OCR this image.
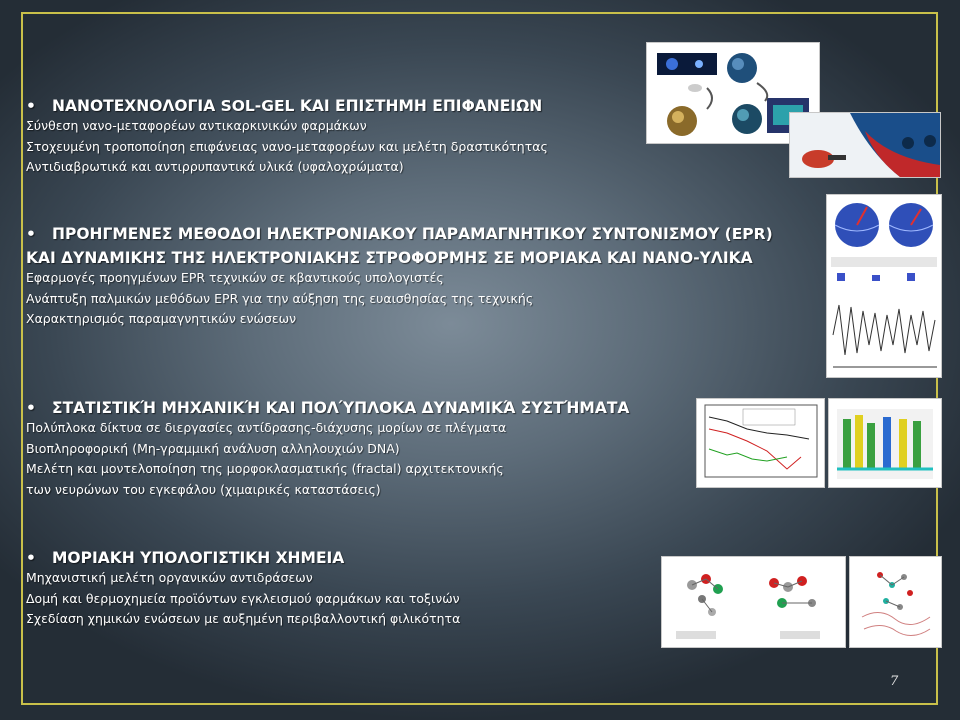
• ΝΑΝΟΤΕΧΝΟΛΟΓΙΑ SOL-GEL ΚΑΙ ΕΠΙΣΤΗΜΗ ΕΠΙΦΑΝΕΙΩΝ
Σύνθεση νανο-μεταφορέων αντικαρκινικών φαρμάκων
Στοχευμένη τροποποίηση επιφάνειας νανο-μεταφορέων και μελέτη δραστικότητας
Αντιδιαβρωτικά και αντιρρυπαντικά υλικά (υφαλοχρώματα)
• ΠΡΟΗΓΜΕΝΕΣ ΜΕΘΟΔΟΙ ΗΛΕΚΤΡΟΝΙΑΚΟΥ ΠΑΡΑΜΑΓΝΗΤΙΚΟΥ ΣΥΝΤΟΝΙΣΜΟΥ (EPR)
ΚΑΙ ΔΥΝΑΜΙΚΗΣ ΤΗΣ ΗΛΕΚΤΡΟΝΙΑΚΗΣ ΣΤΡΟΦΟΡΜΗΣ ΣΕ ΜΟΡΙΑΚΑ ΚΑΙ ΝΑΝΟ-ΥΛΙΚΑ
Εφαρμογές προηγμένων EPR τεχνικών σε κβαντικούς υπολογιστές
Ανάπτυξη παλμικών μεθόδων EPR για την αύξηση της ευαισθησίας της τεχνικής
Χαρακτηρισμός παραμαγνητικών ενώσεων
• ΣΤΑΤΙΣΤΙΚΉ ΜΗΧΑΝΙΚΉ ΚΑΙ ΠΟΛΎΠΛΟΚΑ ΔΥΝΑΜΙΚΆ ΣΥΣΤΉΜΑΤΑ
Πολύπλοκα δίκτυα σε διεργασίες αντίδρασης-διάχυσης μορίων σε πλέγματα
Βιοπληροφορική (Μη-γραμμική ανάλυση αλληλουχιών DNA)
Μελέτη και μοντελοποίηση της μορφοκλασματικής (fractal) αρχιτεκτονικής
των νευρώνων του εγκεφάλου (χιμαιρικές καταστάσεις)
• ΜΟΡΙΑΚΗ ΥΠΟΛΟΓΙΣΤΙΚΗ ΧΗΜΕΙΑ
Μηχανιστική μελέτη οργανικών αντιδράσεων
Δομή και θερμοχημεία προϊόντων εγκλεισμού φαρμάκων και τοξινών
Σχεδίαση χημικών ενώσεων με αυξημένη περιβαλλοντική φιλικότητα
7
